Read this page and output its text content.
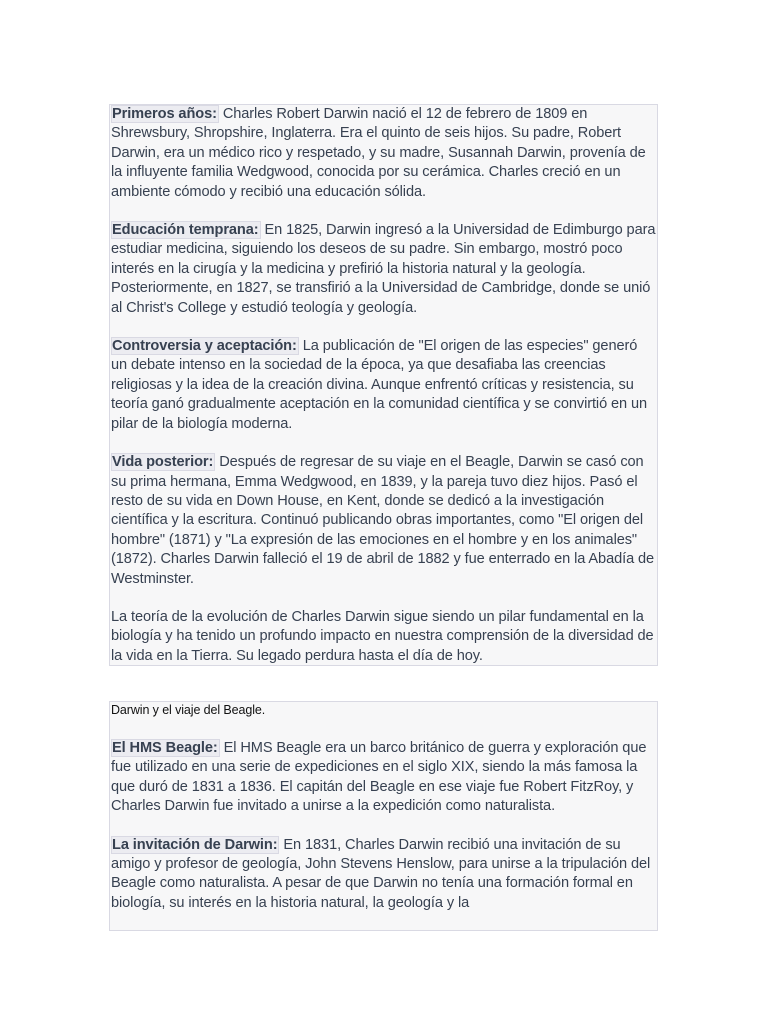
Primeros años: Charles Robert Darwin nació el 12 de febrero de 1809 en Shrewsbury, Shropshire, Inglaterra. Era el quinto de seis hijos. Su padre, Robert Darwin, era un médico rico y respetado, y su madre, Susannah Darwin, provenía de la influyente familia Wedgwood, conocida por su cerámica. Charles creció en un ambiente cómodo y recibió una educación sólida.

Educación temprana: En 1825, Darwin ingresó a la Universidad de Edimburgo para estudiar medicina, siguiendo los deseos de su padre. Sin embargo, mostró poco interés en la cirugía y la medicina y prefirió la historia natural y la geología. Posteriormente, en 1827, se transfirió a la Universidad de Cambridge, donde se unió al Christ's College y estudió teología y geología.

Controversia y aceptación: La publicación de "El origen de las especies" generó un debate intenso en la sociedad de la época, ya que desafiaba las creencias religiosas y la idea de la creación divina. Aunque enfrentó críticas y resistencia, su teoría ganó gradualmente aceptación en la comunidad científica y se convirtió en un pilar de la biología moderna.

Vida posterior: Después de regresar de su viaje en el Beagle, Darwin se casó con su prima hermana, Emma Wedgwood, en 1839, y la pareja tuvo diez hijos. Pasó el resto de su vida en Down House, en Kent, donde se dedicó a la investigación científica y la escritura. Continuó publicando obras importantes, como "El origen del hombre" (1871) y "La expresión de las emociones en el hombre y en los animales" (1872). Charles Darwin falleció el 19 de abril de 1882 y fue enterrado en la Abadía de Westminster.

La teoría de la evolución de Charles Darwin sigue siendo un pilar fundamental en la biología y ha tenido un profundo impacto en nuestra comprensión de la diversidad de la vida en la Tierra. Su legado perdura hasta el día de hoy.

Darwin y el viaje del Beagle.

El HMS Beagle: El HMS Beagle era un barco británico de guerra y exploración que fue utilizado en una serie de expediciones en el siglo XIX, siendo la más famosa la que duró de 1831 a 1836. El capitán del Beagle en ese viaje fue Robert FitzRoy, y Charles Darwin fue invitado a unirse a la expedición como naturalista.

La invitación de Darwin: En 1831, Charles Darwin recibió una invitación de su amigo y profesor de geología, John Stevens Henslow, para unirse a la tripulación del Beagle como naturalista. A pesar de que Darwin no tenía una formación formal en biología, su interés en la historia natural, la geología y la
